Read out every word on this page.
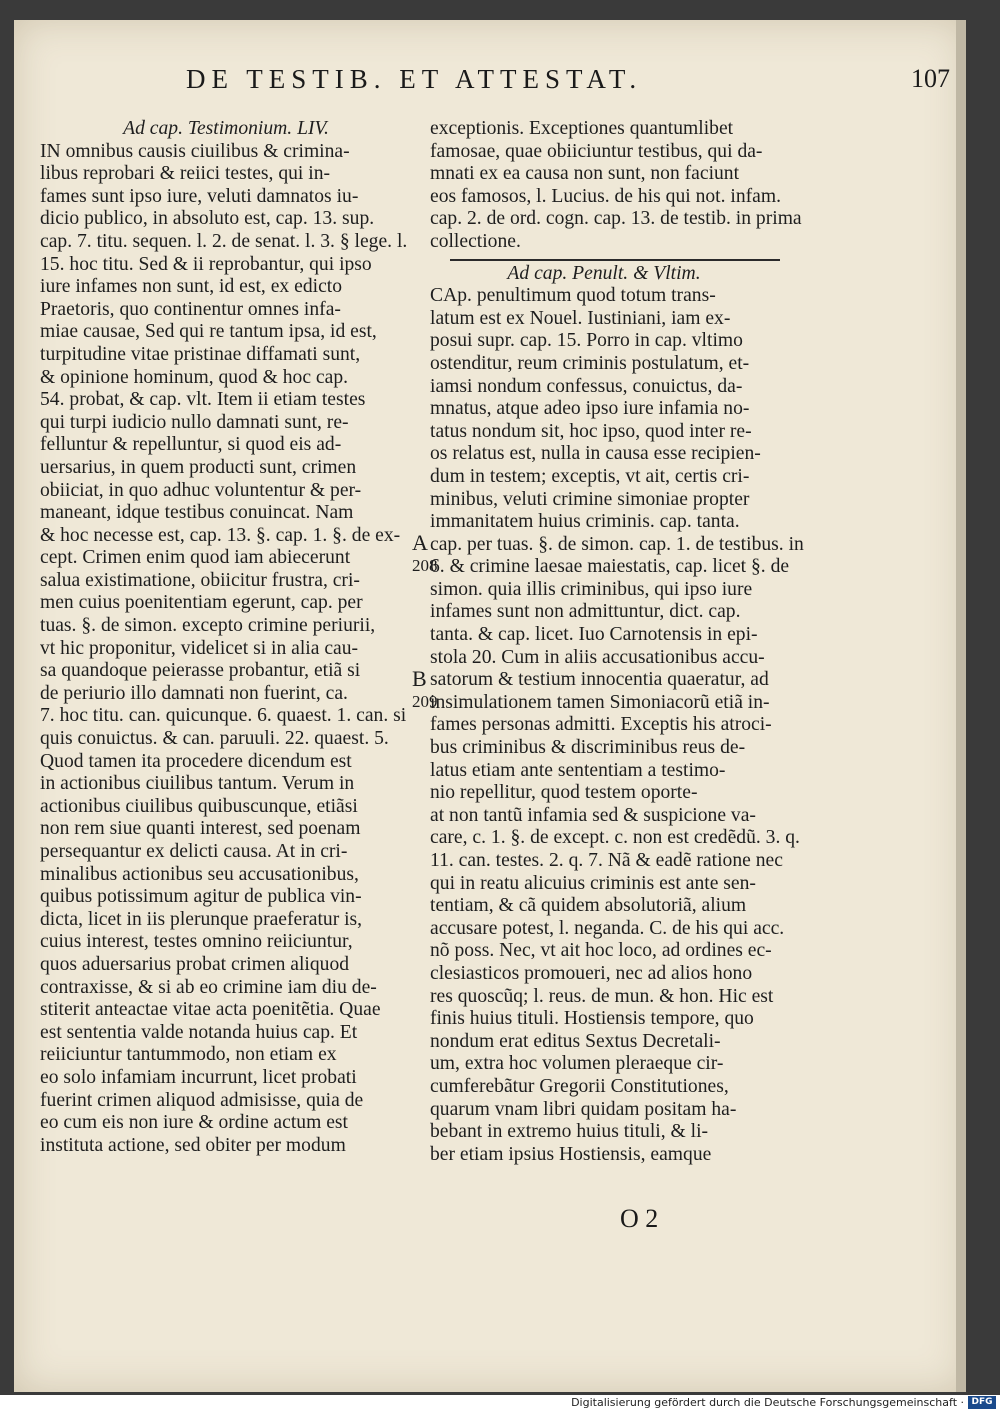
DE TESTIB. ET ATTESTAT.	107
Ad cap. Testimonium. LIV.
IN omnibus causis ciuilibus & crimina-
libus reprobari & reiici testes, qui in-
fames sunt ipso iure, veluti damnatos iu-
dicio publico, in absoluto est, cap. 13. sup.
cap. 7. titu. sequen. l. 2. de senat. l. 3. § lege. l.
15. hoc titu. Sed & ii reprobantur, qui ipso
iure infames non sunt, id est, ex edicto
Praetoris, quo continentur omnes infa-
miae causae, Sed qui re tantum ipsa, id est,
turpitudine vitae pristinae diffamati sunt,
& opinione hominum, quod & hoc cap.
54. probat, & cap. vlt. Item ii etiam testes
qui turpi iudicio nullo damnati sunt, re-
felluntur & repelluntur, si quod eis ad-
uersarius, in quem producti sunt, crimen
obiiciat, in quo adhuc voluntentur & per-
maneant, idque testibus conuincat. Nam
& hoc necesse est, cap. 13. §. cap. 1. §. de ex-
cept. Crimen enim quod iam abiecerunt
salua existimatione, obiicitur frustra, cri-
men cuius poenitentiam egerunt, cap. per
tuas. §. de simon. excepto crimine periurii,
vt hic proponitur, videlicet si in alia cau-
sa quandoque peierasse probantur, etiã si
de periurio illo damnati non fuerint, ca.
7. hoc titu. can. quicunque. 6. quaest. 1. can. si
quis conuictus. & can. paruuli. 22. quaest. 5.
Quod tamen ita procedere dicendum est
in actionibus ciuilibus tantum. Verum in
actionibus ciuilibus quibuscunque, etiãsi
non rem siue quanti interest, sed poenam
persequantur ex delicti causa. At in cri-
minalibus actionibus seu accusationibus,
quibus potissimum agitur de publica vin-
dicta, licet in iis plerunque praeferatur is,
cuius interest, testes omnino reiiciuntur,
quos aduersarius probat crimen aliquod
contraxisse, & si ab eo crimine iam diu de-
stiterit anteactae vitae acta poenitẽtia. Quae
est sententia valde notanda huius cap. Et
reiiciuntur tantummodo, non etiam ex
eo solo infamiam incurrunt, licet probati
fuerint crimen aliquod admisisse, quia de
eo cum eis non iure & ordine actum est
instituta actione, sed obiter per modum
exceptionis. Exceptiones quantumlibet
famosae, quae obiiciuntur testibus, qui da-
mnati ex ea causa non sunt, non faciunt
eos famosos, l. Lucius. de his qui not. infam.
cap. 2. de ord. cogn. cap. 13. de testib. in prima
collectione.
Ad cap. Penult. & Vltim.
CAp. penultimum quod totum trans-
latum est ex Nouel. Iustiniani, iam ex-
posui supr. cap. 15. Porro in cap. vltimo
ostenditur, reum criminis postulatum, et-
iamsi nondum confessus, conuictus, da-
mnatus, atque adeo ipso iure infamia no-
tatus nondum sit, hoc ipso, quod inter re-
os relatus est, nulla in causa esse recipien-
dum in testem; exceptis, vt ait, certis cri-
minibus, veluti crimine simoniae propter
immanitatem huius criminis. cap. tanta.
cap. per tuas. §. de simon. cap. 1. de testibus. in
6. & crimine laesae maiestatis, cap. licet §. de
simon. quia illis criminibus, qui ipso iure
infames sunt non admittuntur, dict. cap.
tanta. & cap. licet. Iuo Carnotensis in epi-
stola 20. Cum in aliis accusationibus accu-
satorum & testium innocentia quaeratur, ad
insimulationem tamen Simoniacorũ etiã in-
fames personas admitti. Exceptis his atroci-
bus criminibus & discriminibus reus de-
latus etiam ante sententiam a testimo-
nio repellitur, quod testem oporte-
at non tantũ infamia sed & suspicione va-
care, c. 1. §. de except. c. non est credẽdũ. 3. q.
11. can. testes. 2. q. 7. Nã & eadẽ ratione nec
qui in reatu alicuius criminis est ante sen-
tentiam, & cã quidem absolutoriã, alium
accusare potest, l. neganda. C. de his qui acc.
nõ poss. Nec, vt ait hoc loco, ad ordines ec-
clesiasticos promoueri, nec ad alios hono
res quoscũq; l. reus. de mun. & hon. Hic est
finis huius tituli. Hostiensis tempore, quo
nondum erat editus Sextus Decretali-
um, extra hoc volumen pleraeque cir-
cumferebãtur Gregorii Constitutiones,
quarum vnam libri quidam positam ha-
bebant in extremo huius tituli, & li-
ber etiam ipsius Hostiensis, eamque
A
208
B
209
O 2
Digitalisierung gefördert durch die Deutsche Forschungsgemeinschaft · DFG
